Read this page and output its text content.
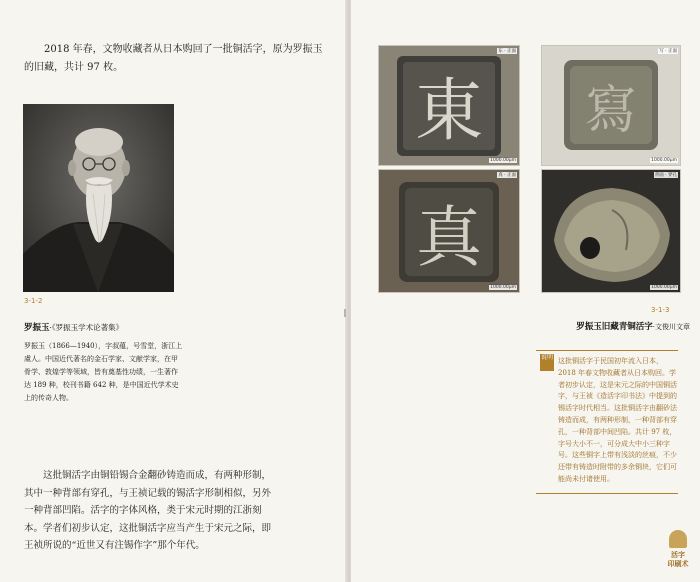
2018 年春，文物收藏者从日本购回了一批铜活字，原为罗振玉的旧藏，共计 97 枚。

3-1-2
罗振玉·《罗振玉学术论著集》

罗振玉（1866—1940），字叔蕴，号雪堂，浙江上虞人。中国近代著名的金石学家、文献学家，在甲骨学、敦煌学等领域，皆有奠基性功绩，一生著作达 189 种，校刊书籍 642 种，是中国近代学术史上的传奇人物。

这批铜活字由铜铅锡合金翻砂铸造而成，有两种形制，其中一种背部有穿孔，与王祯记载的锡活字形制相似，另外一种背部凹陷。活字的字体风格，类于宋元时期的江浙刻本。学者们初步认定，这批铜活字应当产生于宋元之际，即王祯所说的“近世又有注锡作字”那个年代。

‖
東
东 · 正面
1000.00μm
寫
写 · 正面
1000.00μm
真
真 · 正面
1000.00μm
背面 · 穿孔
1000.00μm
3-1-3
罗振玉旧藏青铜活字·文俊川文章
说明 这批铜活字于民国初年流入日本，2018 年春文物收藏者从日本购回。学者初步认定，这是宋元之际的中国铜活字，与王祯《造活字印书法》中提到的锡活字时代相当。这批铜活字由翻砂法铸造而成，有两种形制，一种背部有穿孔，一种背部中间凹陷。共计 97 枚，字号大小不一，可分成大中小三种字号。这些铜字上带有浅淡的丝痕，不少还带有铸造时附带的多余铜块，它们可能尚未付诸使用。

活字
印刷术
